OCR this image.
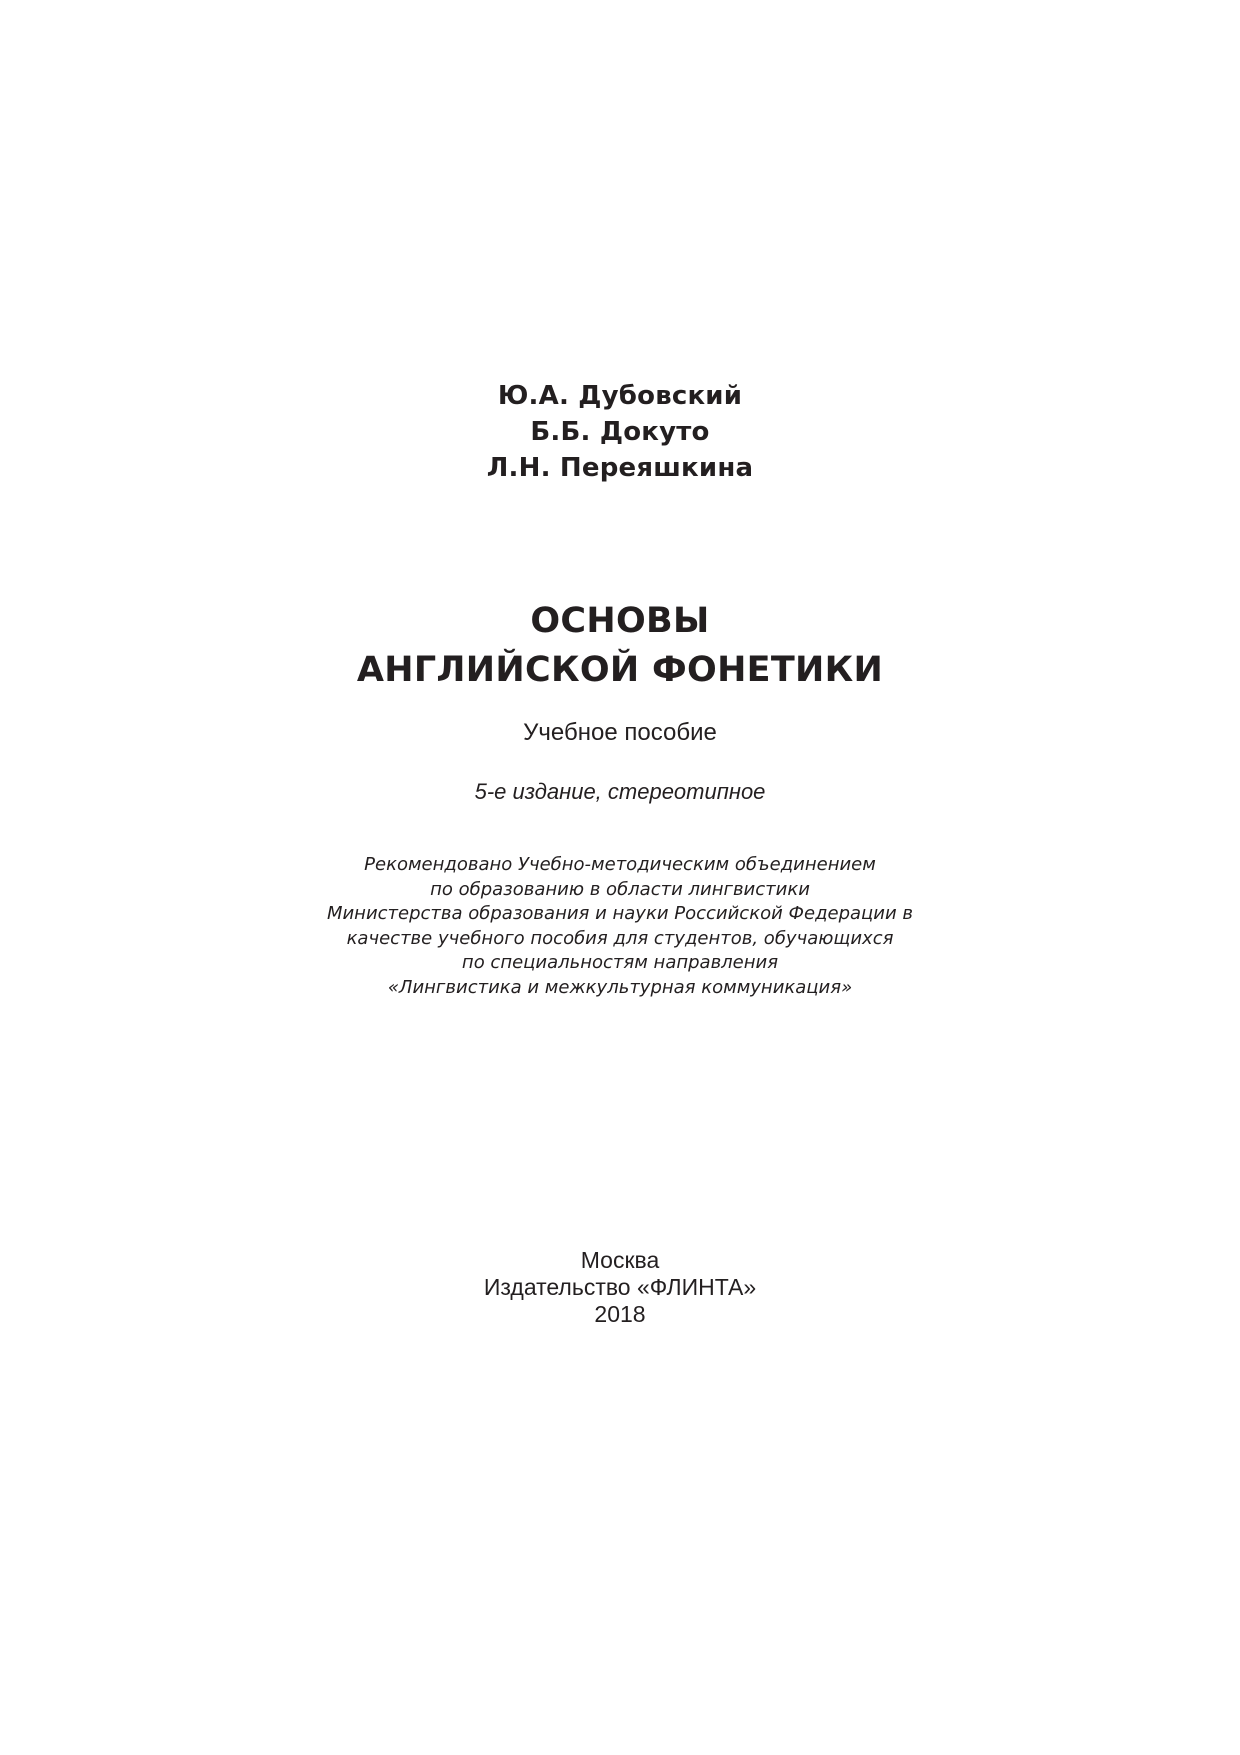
Ю.А. Дубовский
Б.Б. Докуто
Л.Н. Переяшкина
ОСНОВЫ
АНГЛИЙСКОЙ ФОНЕТИКИ
Учебное пособие
5-е издание, стереотипное
Рекомендовано Учебно-методическим объединением
по образованию в области лингвистики
Министерства образования и науки Российской Федерации в
качестве учебного пособия для студентов, обучающихся
по специальностям направления
«Лингвистика и межкультурная коммуникация»
Москва
Издательство «ФЛИНТА»
2018
